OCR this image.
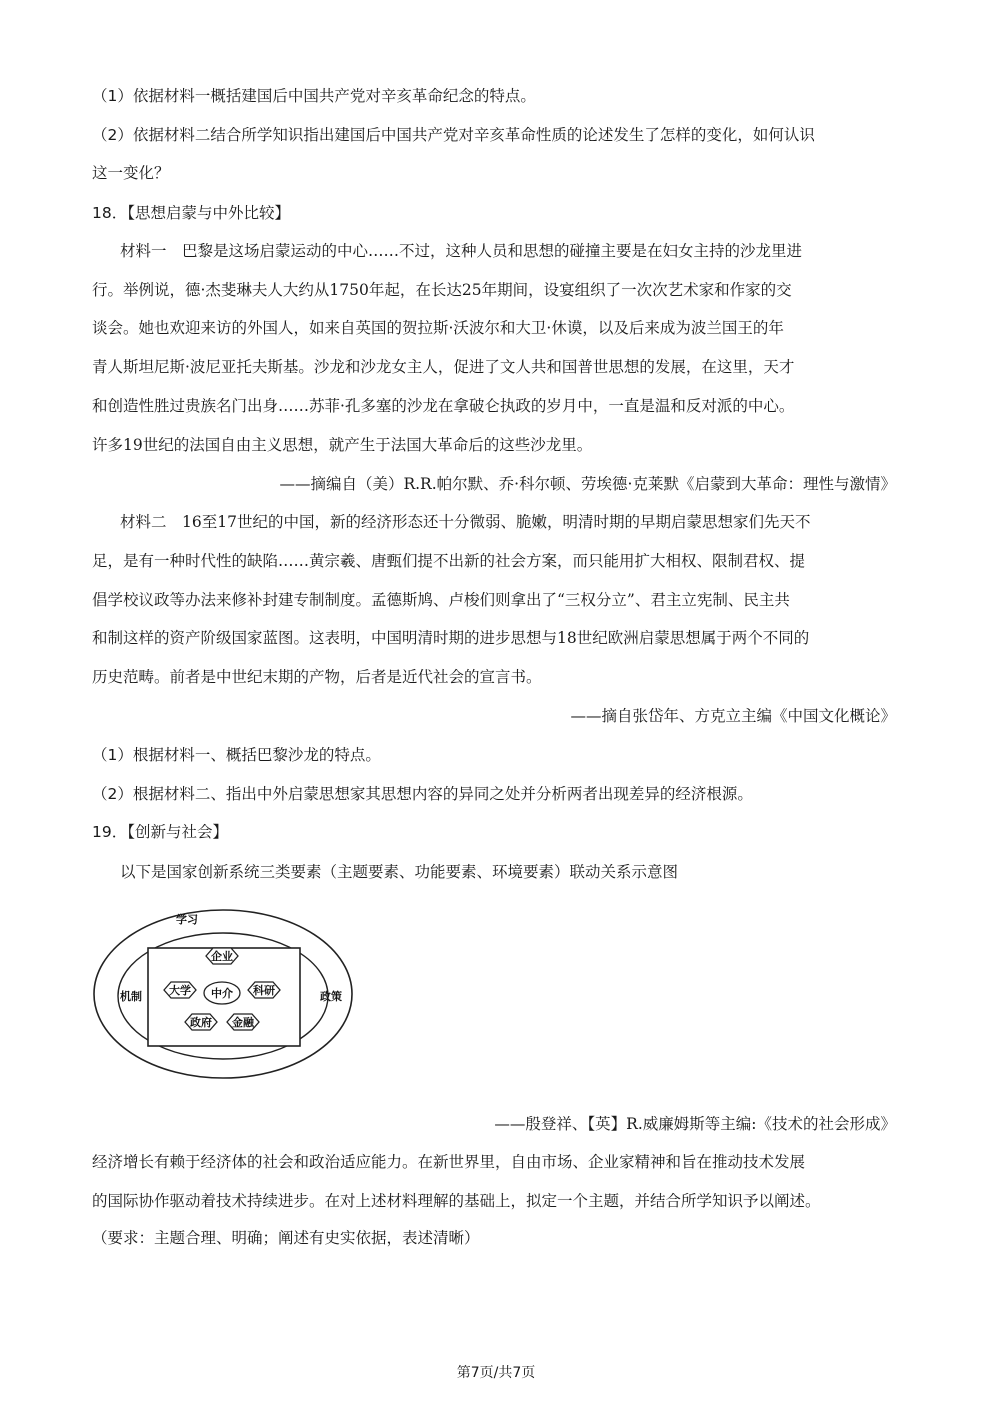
（1）依据材料一概括建国后中国共产党对辛亥革命纪念的特点。
（2）依据材料二结合所学知识指出建国后中国共产党对辛亥革命性质的论述发生了怎样的变化，如何认识
这一变化？
18．【思想启蒙与中外比较】
材料一　巴黎是这场启蒙运动的中心……不过，这种人员和思想的碰撞主要是在妇女主持的沙龙里进
行。举例说，德·杰斐琳夫人大约从1750年起，在长达25年期间，设宴组织了一次次艺术家和作家的交
谈会。她也欢迎来访的外国人，如来自英国的贺拉斯·沃波尔和大卫·休谟，以及后来成为波兰国王的年
青人斯坦尼斯·波尼亚托夫斯基。沙龙和沙龙女主人，促进了文人共和国普世思想的发展，在这里，天才
和创造性胜过贵族名门出身……苏菲·孔多塞的沙龙在拿破仑执政的岁月中，一直是温和反对派的中心。
许多19世纪的法国自由主义思想，就产生于法国大革命后的这些沙龙里。
——摘编自（美）R.R.帕尔默、乔·科尔顿、劳埃德·克莱默《启蒙到大革命：理性与激情》
材料二　16至17世纪的中国，新的经济形态还十分微弱、脆嫩，明清时期的早期启蒙思想家们先天不
足，是有一种时代性的缺陷……黄宗羲、唐甄们提不出新的社会方案，而只能用扩大相权、限制君权、提
倡学校议政等办法来修补封建专制制度。孟德斯鸠、卢梭们则拿出了“三权分立”、君主立宪制、民主共
和制这样的资产阶级国家蓝图。这表明，中国明清时期的进步思想与18世纪欧洲启蒙思想属于两个不同的
历史范畴。前者是中世纪末期的产物，后者是近代社会的宣言书。
——摘自张岱年、方克立主编《中国文化概论》
（1）根据材料一、概括巴黎沙龙的特点。
（2）根据材料二、指出中外启蒙思想家其思想内容的异同之处并分析两者出现差异的经济根源。
19．【创新与社会】
以下是国家创新系统三类要素（主题要素、功能要素、环境要素）联动关系示意图
学习
机制	政策
中介
企业
科研
金融
政府
大学
——殷登祥、【英】R.威廉姆斯等主编:《技术的社会形成》
经济增长有赖于经济体的社会和政治适应能力。在新世界里，自由市场、企业家精神和旨在推动技术发展
的国际协作驱动着技术持续进步。在对上述材料理解的基础上，拟定一个主题，并结合所学知识予以阐述。
（要求：主题合理、明确；阐述有史实依据，表述清晰）
第7页/共7页
